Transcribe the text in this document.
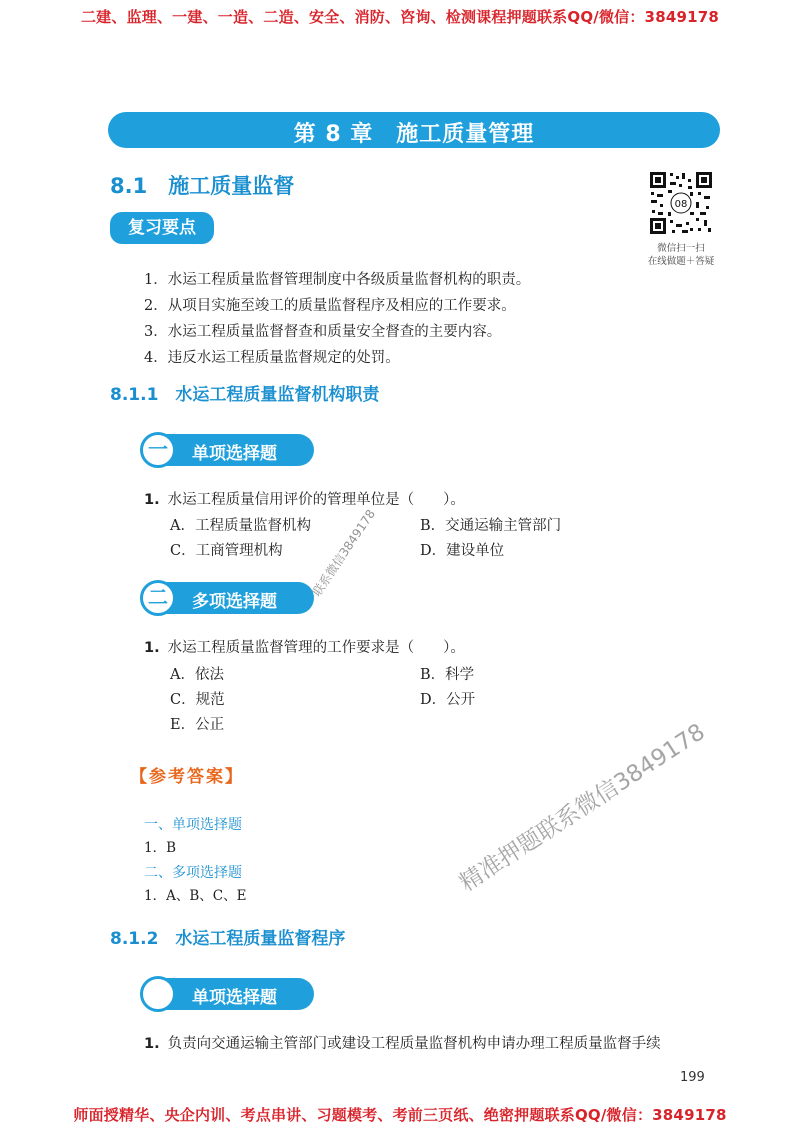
二建、监理、一建、一造、二造、安全、消防、咨询、检测课程押题联系QQ/微信：3849178
第 8 章　施工质量管理
8.1　施工质量监督
复习要点
08
微信扫一扫
在线做题＋答疑
1．水运工程质量监督管理制度中各级质量监督机构的职责。
2．从项目实施至竣工的质量监督程序及相应的工作要求。
3．水运工程质量监督督查和质量安全督查的主要内容。
4．违反水运工程质量监督规定的处罚。
8.1.1　水运工程质量监督机构职责
一	单项选择题
1. 水运工程质量信用评价的管理单位是（　　）。
A．工程质量监督机构	B．交通运输主管部门
C．工商管理机构	D．建设单位
二	多项选择题
1. 水运工程质量监督管理的工作要求是（　　）。
A．依法	B．科学
C．规范	D．公开
E．公正
【参考答案】
一、单项选择题
1．B
二、多项选择题
1．A、B、C、E
8.1.2　水运工程质量监督程序
一	单项选择题
1. 负责向交通运输主管部门或建设工程质量监督机构申请办理工程质量监督手续
199
联系微信3849178
精准押题联系微信3849178
师面授精华、央企内训、考点串讲、习题模考、考前三页纸、绝密押题联系QQ/微信：3849178
